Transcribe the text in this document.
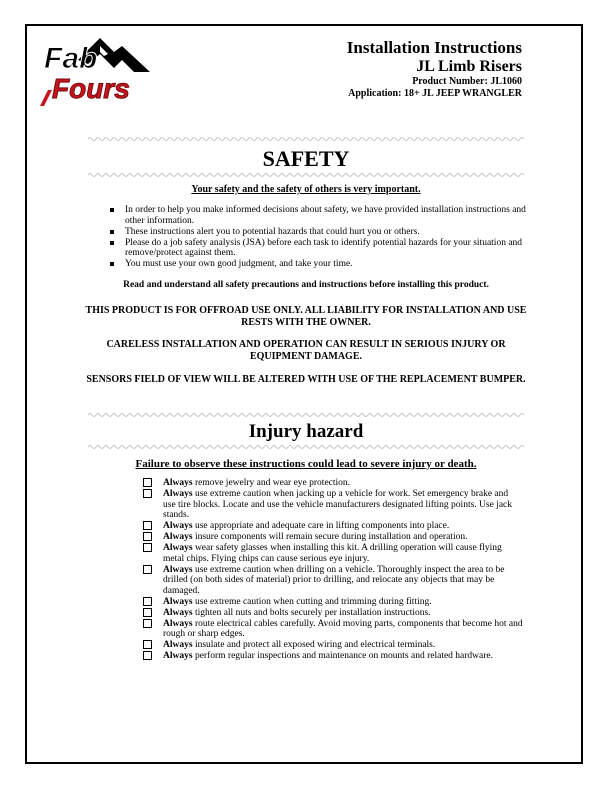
Fab
Fours
Installation Instructions
JL Limb Risers
Product Number: JL1060
Application: 18+ JL JEEP WRANGLER
SAFETY
Your safety and the safety of others is very important.
In order to help you make informed decisions about safety, we have provided installation instructions and other information.
These instructions alert you to potential hazards that could hurt you or others.
Please do a job safety analysis (JSA) before each task to identify potential hazards for your situation and remove/protect against them.
You must use your own good judgment, and take your time.
Read and understand all safety precautions and instructions before installing this product.
THIS PRODUCT IS FOR OFFROAD USE ONLY. ALL LIABILITY FOR INSTALLATION AND USE RESTS WITH THE OWNER.
CARELESS INSTALLATION AND OPERATION CAN RESULT IN SERIOUS INJURY OR EQUIPMENT DAMAGE.
SENSORS FIELD OF VIEW WILL BE ALTERED WITH USE OF THE REPLACEMENT BUMPER.
Injury hazard
Failure to observe these instructions could lead to severe injury or death.
Always remove jewelry and wear eye protection.
Always use extreme caution when jacking up a vehicle for work. Set emergency brake and use tire blocks. Locate and use the vehicle manufacturers designated lifting points. Use jack stands.
Always use appropriate and adequate care in lifting components into place.
Always insure components will remain secure during installation and operation.
Always wear safety glasses when installing this kit. A drilling operation will cause flying metal chips. Flying chips can cause serious eye injury.
Always use extreme caution when drilling on a vehicle. Thoroughly inspect the area to be drilled (on both sides of material) prior to drilling, and relocate any objects that may be damaged.
Always use extreme caution when cutting and trimming during fitting.
Always tighten all nuts and bolts securely per installation instructions.
Always route electrical cables carefully. Avoid moving parts, components that become hot and rough or sharp edges.
Always insulate and protect all exposed wiring and electrical terminals.
Always perform regular inspections and maintenance on mounts and related hardware.
